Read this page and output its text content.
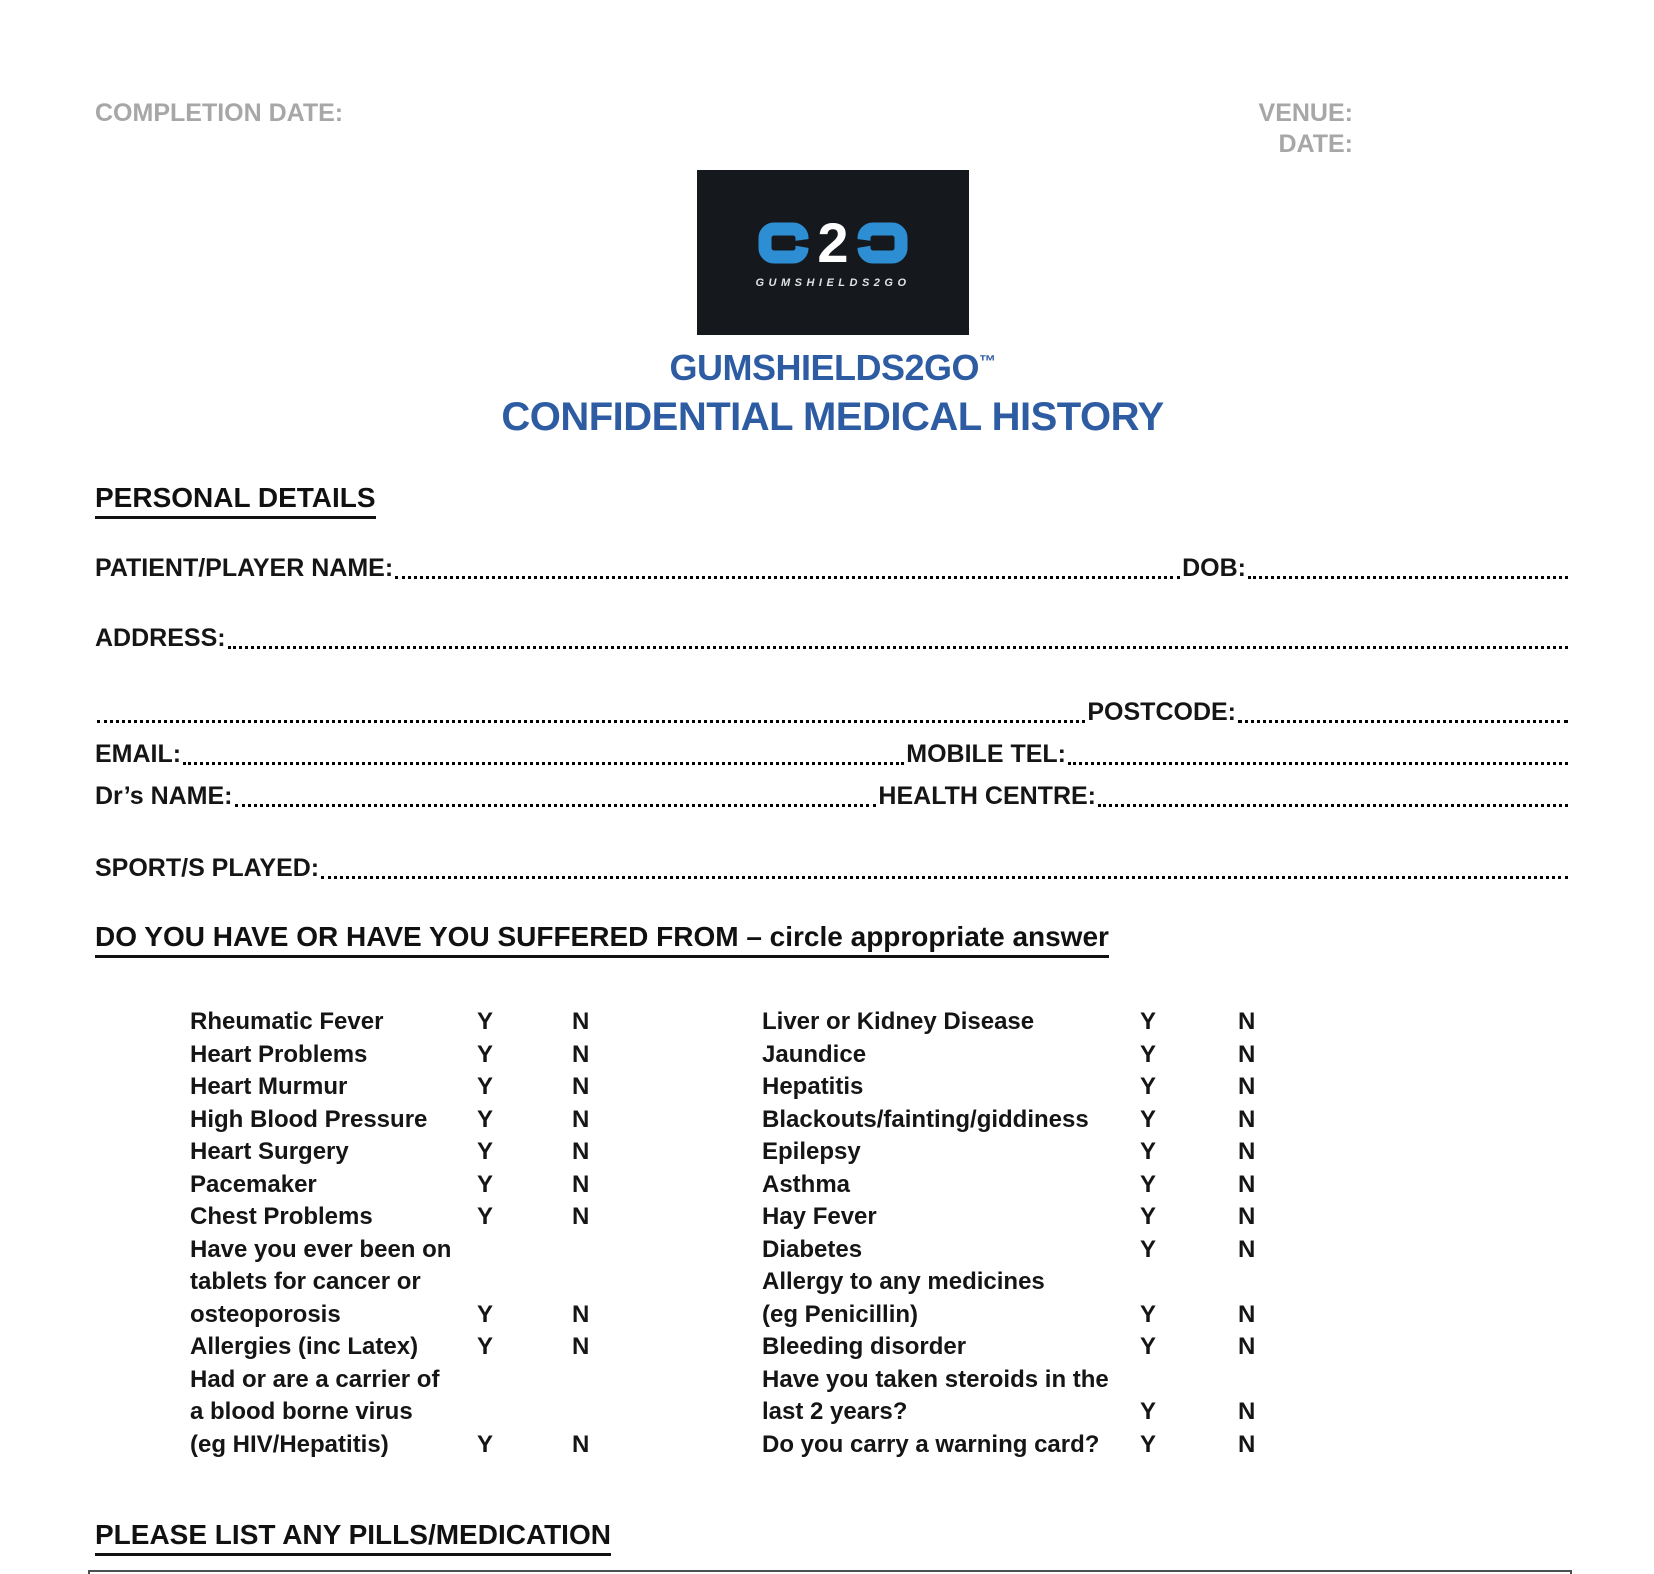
COMPLETION DATE:	VENUE:
DATE:
2
GUMSHIELDS2GO
GUMSHIELDS2GO™
CONFIDENTIAL MEDICAL HISTORY
PERSONAL DETAILS
PATIENT/PLAYER NAME:	DOB:
ADDRESS:
POSTCODE:
EMAIL:	MOBILE TEL:
Dr’s NAME:	HEALTH CENTRE:
SPORT/S PLAYED:
DO YOU HAVE OR HAVE YOU SUFFERED FROM – circle appropriate answer
Rheumatic Fever	Y	N
Heart Problems	Y	N
Heart Murmur	Y	N
High Blood Pressure	Y	N
Heart Surgery	Y	N
Pacemaker	Y	N
Chest Problems	Y	N
Have you ever been on
tablets for cancer or
osteoporosis	Y	N
Allergies (inc Latex)	Y	N
Had or are a carrier of
a blood borne virus
(eg HIV/Hepatitis)	Y	N
Liver or Kidney Disease	Y	N
Jaundice	Y	N
Hepatitis	Y	N
Blackouts/fainting/giddiness	Y	N
Epilepsy	Y	N
Asthma	Y	N
Hay Fever	Y	N
Diabetes	Y	N
Allergy to any medicines
(eg Penicillin)	Y	N
Bleeding disorder	Y	N
Have you taken steroids in the
last 2 years?	Y	N
Do you carry a warning card?	Y	N
PLEASE LIST ANY PILLS/MEDICATION
